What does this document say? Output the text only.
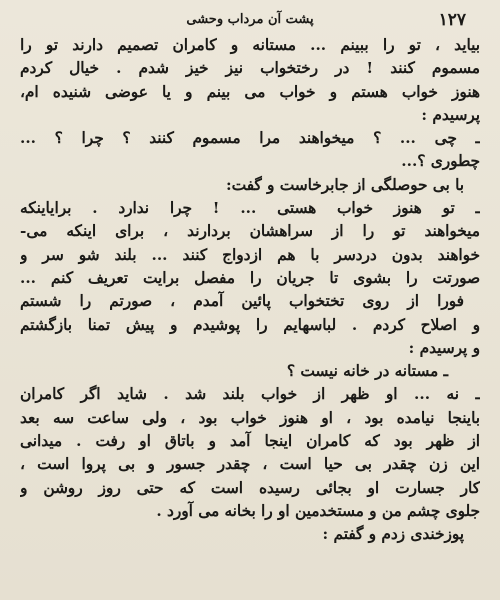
۱۲۷
پشت آن مرداب وحشی
بیاید ، تو را ببینم ... مستانه و کامران تصمیم دارند تو را
مسموم کنند ! در رختخواب نیز خیز شدم . خیال کردم
هنوز خواب هستم و خواب می بینم و یا عوضی شنیده ام،
پرسیدم :
ـ چی ... ؟ میخواهند مرا مسموم کنند ؟ چرا ؟ ...
چطوری ؟...
با بی حوصلگی از جابرخاست و گفت:
ـ تو هنوز خواب هستی ... ! چرا ندارد . برایاینکه
میخواهند تو را از سراهشان بردارند ، برای اینکه می-
خواهند بدون دردسر با هم ازدواج کنند ... بلند شو سر و
صورتت را بشوی تا جریان را مفصل برایت تعریف کنم ...
فورا از روی تختخواب پائین آمدم ، صورتم را شستم
و اصلاح کردم . لباسهایم را پوشیدم و پیش تمنا بازگشتم
و پرسیدم :
ـ مستانه در خانه نیست ؟
ـ نه ... او ظهر از خواب بلند شد . شاید اگر کامران
باینجا نیامده بود ، او هنوز خواب بود ، ولی ساعت سه بعد
از ظهر بود که کامران اینجا آمد و باتاق او رفت . میدانی
این زن چقدر بی حیا است ، چقدر جسور و بی پروا است ،
کار جسارت او بجائی رسیده است که حتی روز روشن و
جلوی چشم من و مستخدمین او را بخانه می آورد .
پوزخندی زدم و گفتم :
